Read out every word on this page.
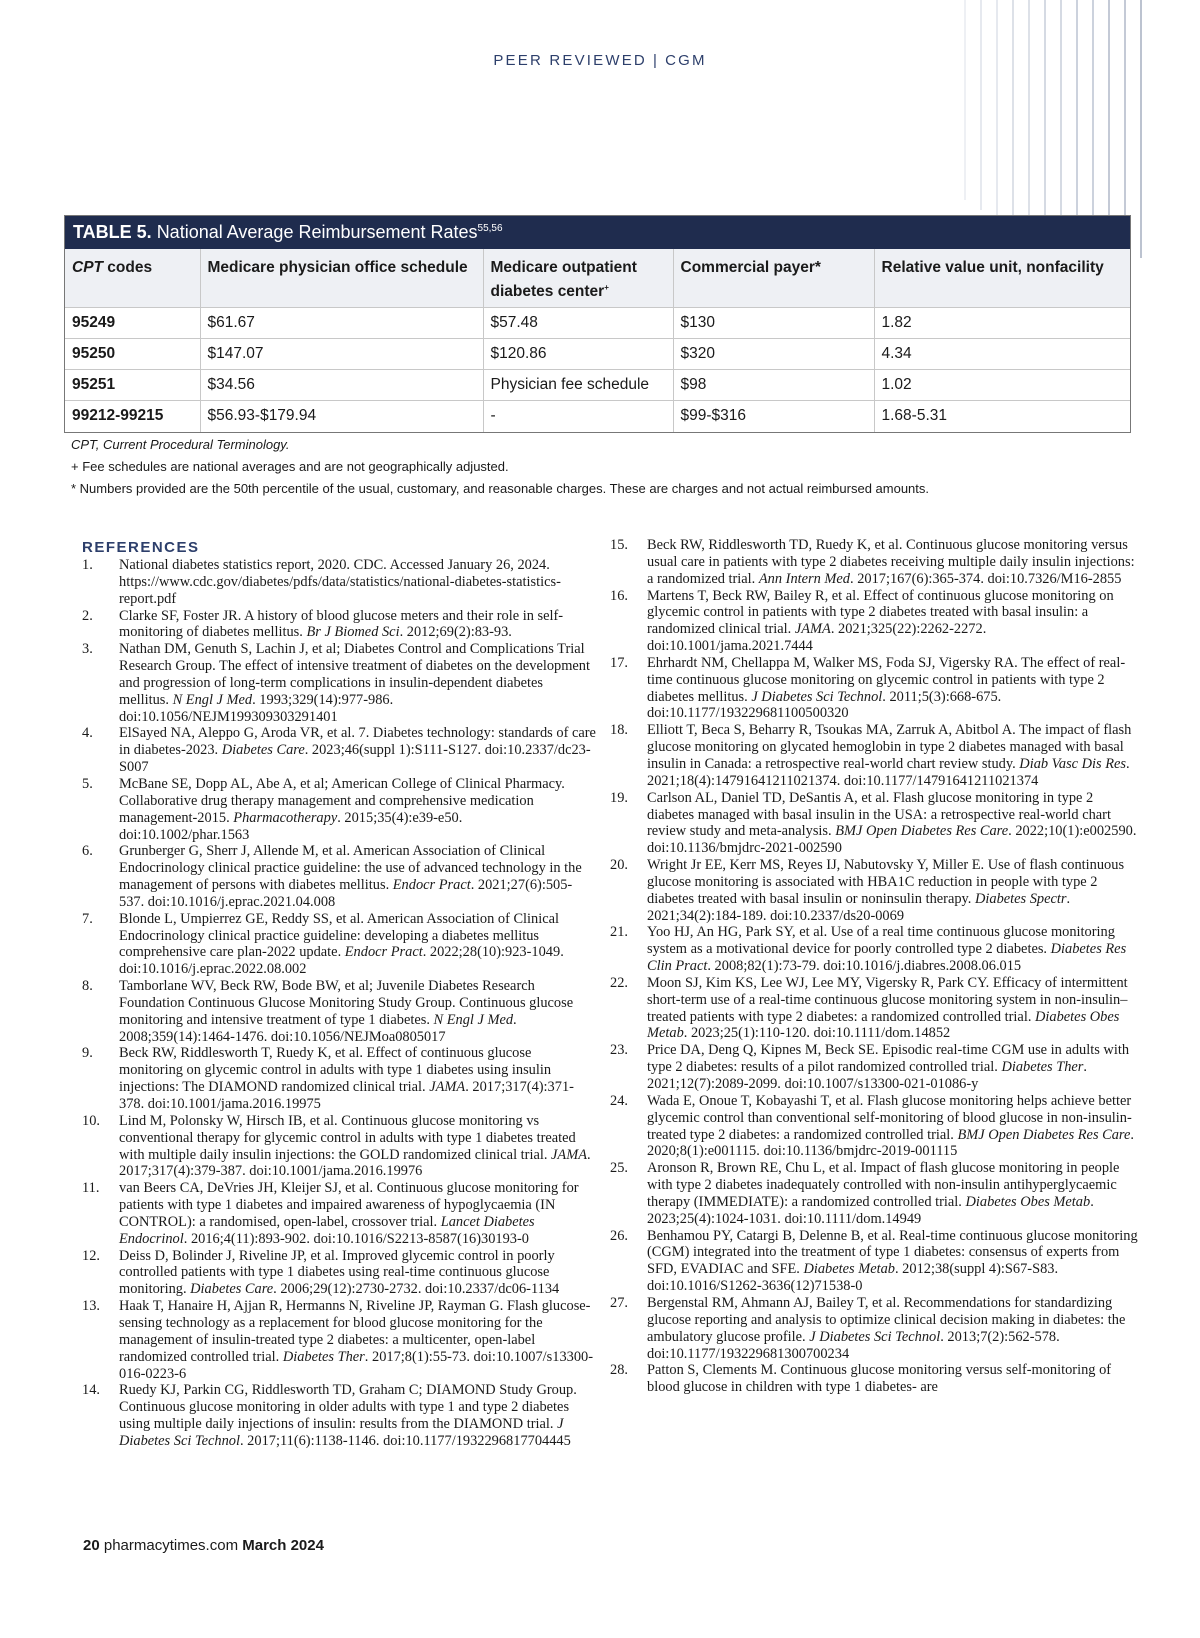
PEER REVIEWED | CGM
TABLE 5. National Average Reimbursement Rates$^{55,56}$
CPT codes	Medicare physician office schedule	Medicare outpatient diabetes center+	Commercial payer*	Relative value unit, nonfacility
95249	$61.67	$57.48	$130	1.82
95250	$147.07	$120.86	$320	4.34
95251	$34.56	Physician fee schedule	$98	1.02
99212-99215	$56.93-$179.94	-	$99-$316	1.68-5.31
CPT, Current Procedural Terminology.
+ Fee schedules are national averages and are not geographically adjusted.
* Numbers provided are the 50th percentile of the usual, customary, and reasonable charges. These are charges and not actual reimbursed amounts.
REFERENCES
1.	National diabetes statistics report, 2020. CDC. Accessed January 26, 2024. https://www.cdc.gov/diabetes/pdfs/data/statistics/national-diabetes-statistics-report.pdf
2.	Clarke SF, Foster JR. A history of blood glucose meters and their role in self-monitoring of diabetes mellitus. Br J Biomed Sci. 2012;69(2):83-93.
3.	Nathan DM, Genuth S, Lachin J, et al; Diabetes Control and Complications Trial Research Group. The effect of intensive treatment of diabetes on the development and progression of long-term complications in insulin-dependent diabetes mellitus. N Engl J Med. 1993;329(14):977-986. doi:10.1056/NEJM199309303291401
4.	ElSayed NA, Aleppo G, Aroda VR, et al. 7. Diabetes technology: standards of care in diabetes-2023. Diabetes Care. 2023;46(suppl 1):S111-S127. doi:10.2337/dc23-S007
5.	McBane SE, Dopp AL, Abe A, et al; American College of Clinical Pharmacy. Collaborative drug therapy management and comprehensive medication management-2015. Pharmacotherapy. 2015;35(4):e39-e50. doi:10.1002/phar.1563
6.	Grunberger G, Sherr J, Allende M, et al. American Association of Clinical Endocrinology clinical practice guideline: the use of advanced technology in the management of persons with diabetes mellitus. Endocr Pract. 2021;27(6):505-537. doi:10.1016/j.eprac.2021.04.008
7.	Blonde L, Umpierrez GE, Reddy SS, et al. American Association of Clinical Endocrinology clinical practice guideline: developing a diabetes mellitus comprehensive care plan-2022 update. Endocr Pract. 2022;28(10):923-1049. doi:10.1016/j.eprac.2022.08.002
8.	Tamborlane WV, Beck RW, Bode BW, et al; Juvenile Diabetes Research Foundation Continuous Glucose Monitoring Study Group. Continuous glucose monitoring and intensive treatment of type 1 diabetes. N Engl J Med. 2008;359(14):1464-1476. doi:10.1056/NEJMoa0805017
9.	Beck RW, Riddlesworth T, Ruedy K, et al. Effect of continuous glucose monitoring on glycemic control in adults with type 1 diabetes using insulin injections: The DIAMOND randomized clinical trial. JAMA. 2017;317(4):371-378. doi:10.1001/jama.2016.19975
10.	Lind M, Polonsky W, Hirsch IB, et al. Continuous glucose monitoring vs conventional therapy for glycemic control in adults with type 1 diabetes treated with multiple daily insulin injections: the GOLD randomized clinical trial. JAMA. 2017;317(4):379-387. doi:10.1001/jama.2016.19976
11.	van Beers CA, DeVries JH, Kleijer SJ, et al. Continuous glucose monitoring for patients with type 1 diabetes and impaired awareness of hypoglycaemia (IN CONTROL): a randomised, open-label, crossover trial. Lancet Diabetes Endocrinol. 2016;4(11):893-902. doi:10.1016/S2213-8587(16)30193-0
12.	Deiss D, Bolinder J, Riveline JP, et al. Improved glycemic control in poorly controlled patients with type 1 diabetes using real-time continuous glucose monitoring. Diabetes Care. 2006;29(12):2730-2732. doi:10.2337/dc06-1134
13.	Haak T, Hanaire H, Ajjan R, Hermanns N, Riveline JP, Rayman G. Flash glucose-sensing technology as a replacement for blood glucose monitoring for the management of insulin-treated type 2 diabetes: a multicenter, open-label randomized controlled trial. Diabetes Ther. 2017;8(1):55-73. doi:10.1007/s13300-016-0223-6
14.	Ruedy KJ, Parkin CG, Riddlesworth TD, Graham C; DIAMOND Study Group. Continuous glucose monitoring in older adults with type 1 and type 2 diabetes using multiple daily injections of insulin: results from the DIAMOND trial. J Diabetes Sci Technol. 2017;11(6):1138-1146. doi:10.1177/1932296817704445
15.	Beck RW, Riddlesworth TD, Ruedy K, et al. Continuous glucose monitoring versus usual care in patients with type 2 diabetes receiving multiple daily insulin injections: a randomized trial. Ann Intern Med. 2017;167(6):365-374. doi:10.7326/M16-2855
16.	Martens T, Beck RW, Bailey R, et al. Effect of continuous glucose monitoring on glycemic control in patients with type 2 diabetes treated with basal insulin: a randomized clinical trial. JAMA. 2021;325(22):2262-2272. doi:10.1001/jama.2021.7444
17.	Ehrhardt NM, Chellappa M, Walker MS, Foda SJ, Vigersky RA. The effect of real-time continuous glucose monitoring on glycemic control in patients with type 2 diabetes mellitus. J Diabetes Sci Technol. 2011;5(3):668-675. doi:10.1177/193229681100500320
18.	Elliott T, Beca S, Beharry R, Tsoukas MA, Zarruk A, Abitbol A. The impact of flash glucose monitoring on glycated hemoglobin in type 2 diabetes managed with basal insulin in Canada: a retrospective real-world chart review study. Diab Vasc Dis Res. 2021;18(4):14791641211021374. doi:10.1177/14791641211021374
19.	Carlson AL, Daniel TD, DeSantis A, et al. Flash glucose monitoring in type 2 diabetes managed with basal insulin in the USA: a retrospective real-world chart review study and meta-analysis. BMJ Open Diabetes Res Care. 2022;10(1):e002590. doi:10.1136/bmjdrc-2021-002590
20.	Wright Jr EE, Kerr MS, Reyes IJ, Nabutovsky Y, Miller E. Use of flash continuous glucose monitoring is associated with HBA1C reduction in people with type 2 diabetes treated with basal insulin or noninsulin therapy. Diabetes Spectr. 2021;34(2):184-189. doi:10.2337/ds20-0069
21.	Yoo HJ, An HG, Park SY, et al. Use of a real time continuous glucose monitoring system as a motivational device for poorly controlled type 2 diabetes. Diabetes Res Clin Pract. 2008;82(1):73-79. doi:10.1016/j.diabres.2008.06.015
22.	Moon SJ, Kim KS, Lee WJ, Lee MY, Vigersky R, Park CY. Efficacy of intermittent short-term use of a real-time continuous glucose monitoring system in non-insulin–treated patients with type 2 diabetes: a randomized controlled trial. Diabetes Obes Metab. 2023;25(1):110-120. doi:10.1111/dom.14852
23.	Price DA, Deng Q, Kipnes M, Beck SE. Episodic real-time CGM use in adults with type 2 diabetes: results of a pilot randomized controlled trial. Diabetes Ther. 2021;12(7):2089-2099. doi:10.1007/s13300-021-01086-y
24.	Wada E, Onoue T, Kobayashi T, et al. Flash glucose monitoring helps achieve better glycemic control than conventional self-monitoring of blood glucose in non-insulin-treated type 2 diabetes: a randomized controlled trial. BMJ Open Diabetes Res Care. 2020;8(1):e001115. doi:10.1136/bmjdrc-2019-001115
25.	Aronson R, Brown RE, Chu L, et al. Impact of flash glucose monitoring in people with type 2 diabetes inadequately controlled with non-insulin antihyperglycaemic therapy (IMMEDIATE): a randomized controlled trial. Diabetes Obes Metab. 2023;25(4):1024-1031. doi:10.1111/dom.14949
26.	Benhamou PY, Catargi B, Delenne B, et al. Real-time continuous glucose monitoring (CGM) integrated into the treatment of type 1 diabetes: consensus of experts from SFD, EVADIAC and SFE. Diabetes Metab. 2012;38(suppl 4):S67-S83. doi:10.1016/S1262-3636(12)71538-0
27.	Bergenstal RM, Ahmann AJ, Bailey T, et al. Recommendations for standardizing glucose reporting and analysis to optimize clinical decision making in diabetes: the ambulatory glucose profile. J Diabetes Sci Technol. 2013;7(2):562-578. doi:10.1177/193229681300700234
28.	Patton S, Clements M. Continuous glucose monitoring versus self-monitoring of blood glucose in children with type 1 diabetes- are
20 pharmacytimes.com March 2024
